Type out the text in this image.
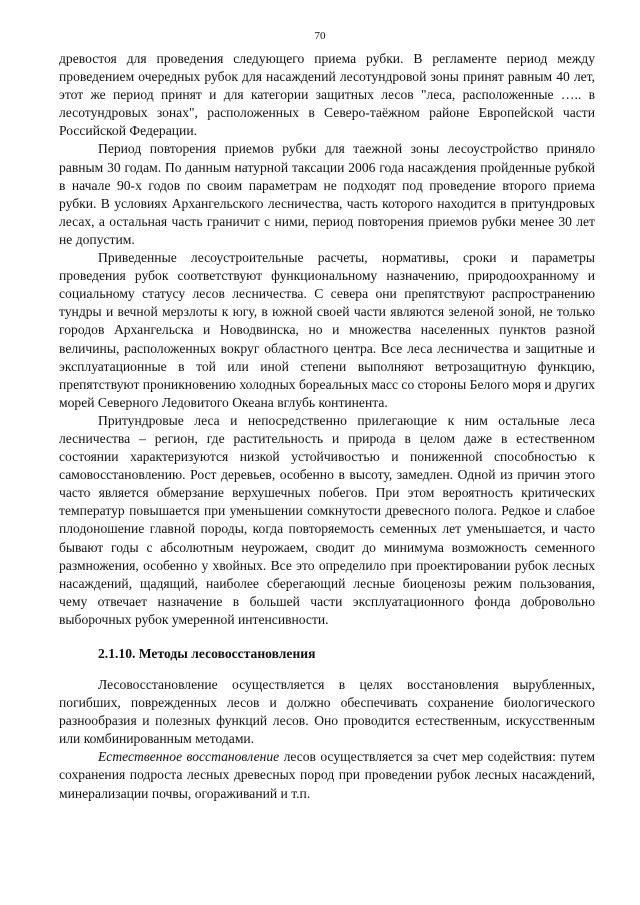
70

древостоя для проведения следующего приема рубки. В регламенте период между проведением очередных рубок для насаждений лесотундровой зоны принят равным 40 лет, этот же период принят и для категории защитных лесов "леса, расположенные ….. в лесотундровых зонах", расположенных в Северо-таёжном районе Европейской части Российской Федерации.

Период повторения приемов рубки для таежной зоны лесоустройство приняло равным 30 годам. По данным натурной таксации 2006 года насаждения пройденные рубкой в начале 90-х годов по своим параметрам не подходят под проведение второго приема рубки. В условиях Архангельского лесничества, часть которого находится в притундровых лесах, а остальная часть граничит с ними, период повторения приемов рубки менее 30 лет не допустим.

Приведенные лесоустроительные расчеты, нормативы, сроки и параметры проведения рубок соответствуют функциональному назначению, природоохранному и социальному статусу лесов лесничества. С севера они препятствуют распространению тундры и вечной мерзлоты к югу, в южной своей части являются зеленой зоной, не только городов Архангельска и Новодвинска, но и множества населенных пунктов разной величины, расположенных вокруг областного центра. Все леса лесничества и защитные и эксплуатационные в той или иной степени выполняют ветрозащитную функцию, препятствуют проникновению холодных бореальных масс со стороны Белого моря и других морей Северного Ледовитого Океана вглубь континента.

Притундровые леса и непосредственно прилегающие к ним остальные леса лесничества – регион, где растительность и природа в целом даже в естественном состоянии характеризуются низкой устойчивостью и пониженной способностью к самовосстановлению. Рост деревьев, особенно в высоту, замедлен. Одной из причин этого часто является обмерзание верхушечных побегов. При этом вероятность критических температур повышается при уменьшении сомкнутости древесного полога. Редкое и слабое плодоношение главной породы, когда повторяемость семенных лет уменьшается, и часто бывают годы с абсолютным неурожаем, сводит до минимума возможность семенного размножения, особенно у хвойных. Все это определило при проектировании рубок лесных насаждений, щадящий, наиболее сберегающий лесные биоценозы режим пользования, чему отвечает назначение в большей части эксплуатационного фонда добровольно выборочных рубок умеренной интенсивности.

2.1.10. Методы лесовосстановления

Лесовосстановление осуществляется в целях восстановления вырубленных, погибших, поврежденных лесов и должно обеспечивать сохранение биологического разнообразия и полезных функций лесов. Оно проводится естественным, искусственным или комбинированным методами.

Естественное восстановление лесов осуществляется за счет мер содействия: путем сохранения подроста лесных древесных пород при проведении рубок лесных насаждений, минерализации почвы, огораживаний и т.п.
